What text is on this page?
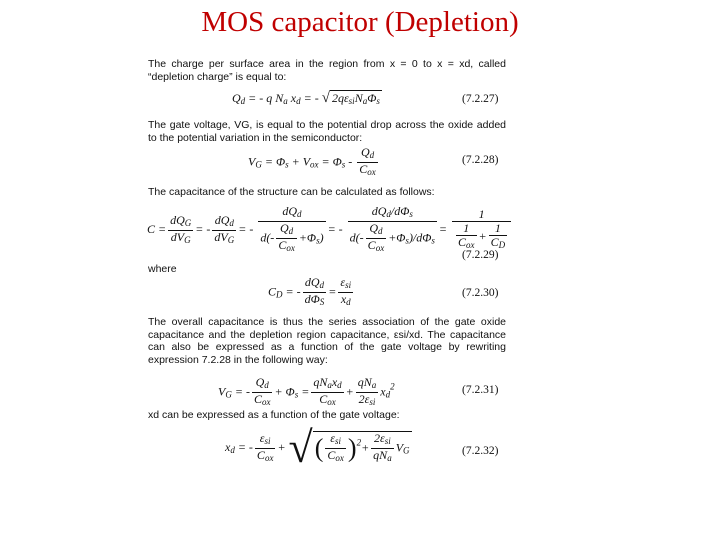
MOS capacitor (Depletion)
The charge per surface area in the region from x = 0 to x = xd, called “depletion charge” is equal to:
$Q_d$ = - q $N_a$ $x_d$ = - √ $2q\varepsilon_{si}N_a\Phi_s$	(7.2.27)
The gate voltage, VG, is equal to the potential drop across the oxide added to the potential variation in the semiconductor:
$V_G = \Phi_s + V_{ox} = \Phi_s$ -
$Q_d$
$C_{ox}$
(7.2.28)
The capacitance of the structure can be calculated as follows:
C =
$dQ_G$
$dV_G$
= -
$dQ_d$
$dV_G$
= -
$dQ_d$
d(-
$Q_d$
$C_{ox}$
$+\Phi_s$)
= -
$dQ_d/d\Phi_s$
d(-
$Q_d$
$C_{ox}$
$+\Phi_s)/d\Phi_s$
=
1
1
$C_{ox}$
+ $\frac{1}{C_D}$
(7.2.29)
where
$C_D$ = -
$dQ_d$
$d\Phi_S$
=
$\varepsilon_{si}$
$x_d$
(7.2.30)
The overall capacitance is thus the series association of the gate oxide capacitance and the depletion region capacitance, εsi/xd. The capacitance can also be expressed as a function of the gate voltage by rewriting expression 7.2.28 in the following way:
$V_G$ = -
$Q_d$
$C_{ox}$
+ $\Phi_s$ =
$qN_ax_d$
$C_{ox}$
+
$qN_a$
$2\varepsilon_{si}$
$x_d^2$	(7.2.31)
xd can be expressed as a function of the gate voltage:
$x_d$ = -
$\varepsilon_{si}$
$C_{ox}$
+ √( $\varepsilon_{si}$
$C_{ox}$ )$^2$+
$2\varepsilon_{si}$
$qN_a$
$V_G$	(7.2.32)
